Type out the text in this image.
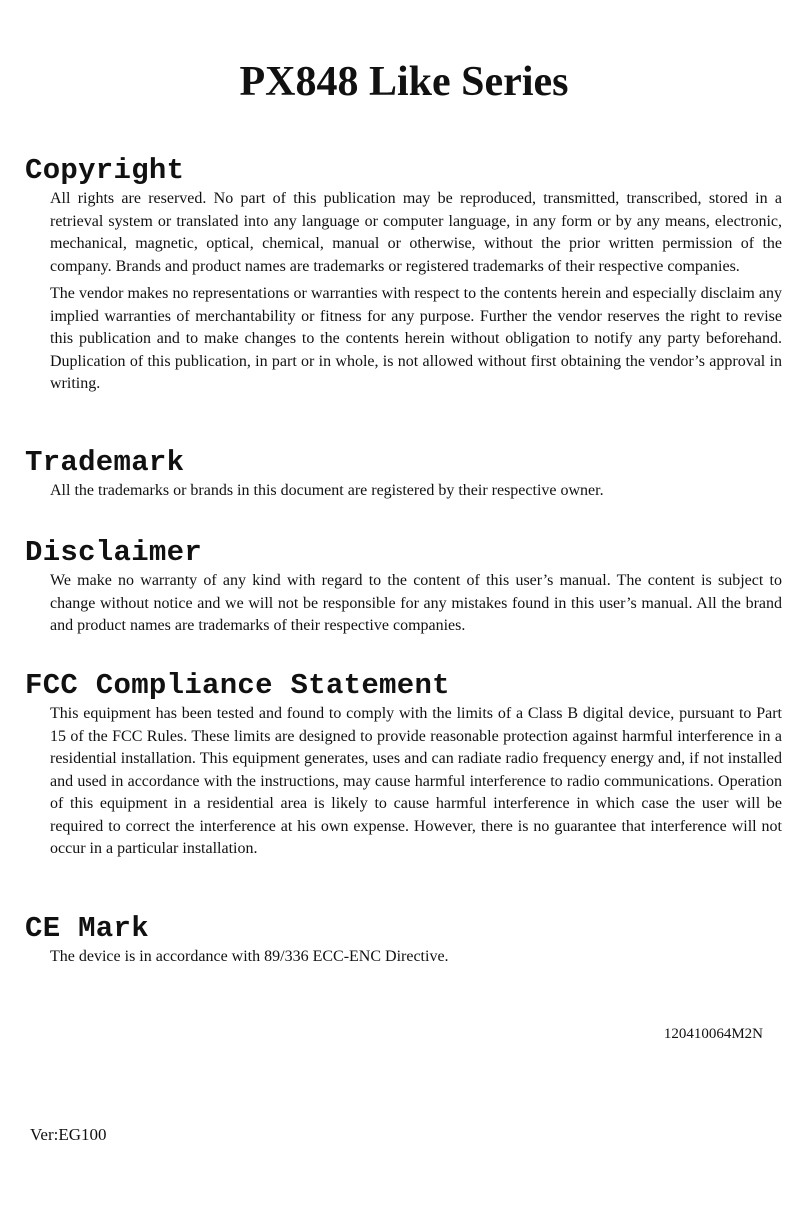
PX848 Like Series
Copyright

All rights are reserved. No part of this publication may be reproduced, transmitted, transcribed, stored in a retrieval system or translated into any language or computer language, in any form or by any means, electronic, mechanical, magnetic, optical, chemical, manual or otherwise, without the prior written permission of the company. Brands and product names are trademarks or registered trademarks of their respective companies.

The vendor makes no representations or warranties with respect to the contents herein and especially disclaim any implied warranties of merchantability or fitness for any purpose. Further the vendor reserves the right to revise this publication and to make changes to the contents herein without obligation to notify any party beforehand. Duplication of this publication, in part or in whole, is not allowed without first obtaining the vendor’s approval in writing.

Trademark

All the trademarks or brands in this document are registered by their respective owner.

Disclaimer

We make no warranty of any kind with regard to the content of this user’s manual. The content is subject to change without notice and we will not be responsible for any mistakes found in this user’s manual. All the brand and product names are trademarks of their respective companies.

FCC Compliance Statement

This equipment has been tested and found to comply with the limits of a Class B digital device, pursuant to Part 15 of the FCC Rules. These limits are designed to provide reasonable protection against harmful interference in a residential installation. This equipment generates, uses and can radiate radio frequency energy and, if not installed and used in accordance with the instructions, may cause harmful interference to radio communications. Operation of this equipment in a residential area is likely to cause harmful interference in which case the user will be required to correct the interference at his own expense. However, there is no guarantee that interference will not occur in a particular installation.

CE Mark

The device is in accordance with 89/336 ECC-ENC Directive.

120410064M2N
Ver:EG100
